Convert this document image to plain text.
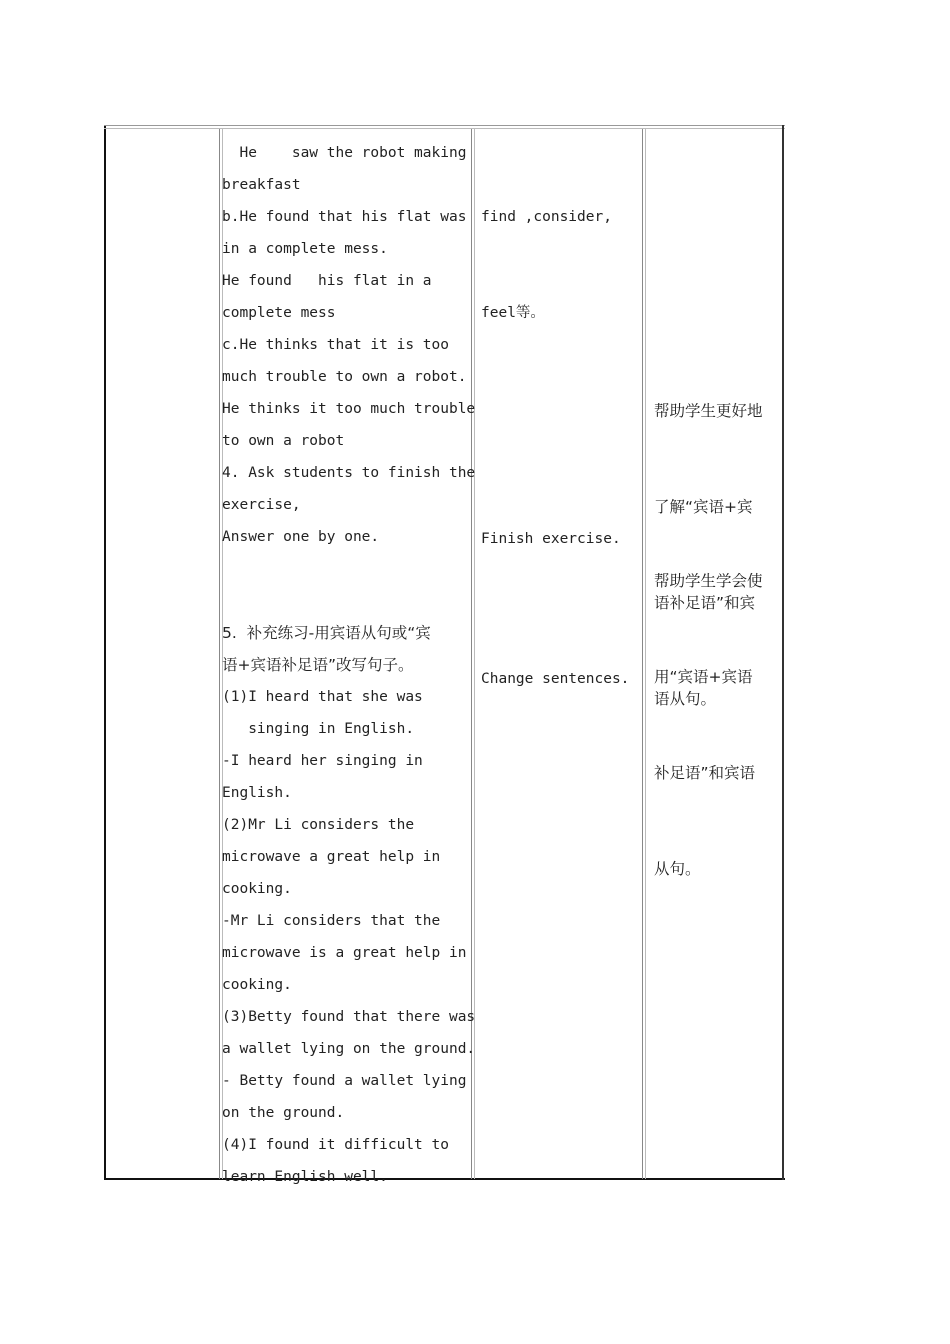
He    saw the robot making
breakfast
b.He found that his flat was
in a complete mess.
He found   his flat in a
complete mess
c.He thinks that it is too
much trouble to own a robot.
He thinks it too much trouble
to own a robot
4. Ask students to finish the
exercise,
Answer one by one.
5.  补充练习-用宾语从句或“宾
语+宾语补足语”改写句子。
(1)I heard that she was
singing in English.
-I heard her singing in
English.
(2)Mr Li considers the
microwave a great help in
cooking.
-Mr Li considers that the
microwave is a great help in
cooking.
(3)Betty found that there was
a wallet lying on the ground.
- Betty found a wallet lying
on the ground.
(4)I found it difficult to
learn English well.

find ,consider,

feel等。

Finish exercise.

Change sentences.

帮助学生更好地

了解“宾语+宾

语补足语”和宾

语从句。

帮助学生学会使

用“宾语+宾语

补足语”和宾语

从句。
